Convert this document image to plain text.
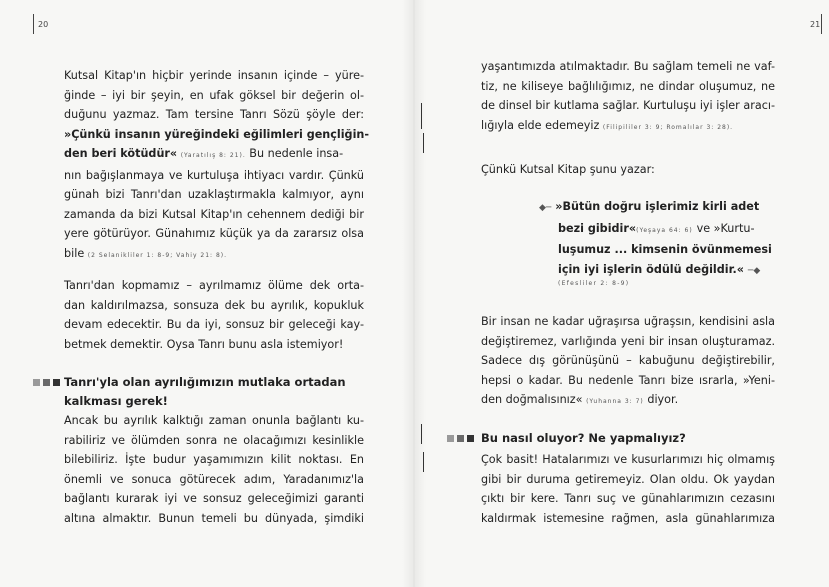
20
Kutsal Kitap'ın hiçbir yerinde insanın içinde – yüre-
ğinde – iyi bir şeyin, en ufak göksel bir değerin ol-
duğunu yazmaz. Tam tersine Tanrı Sözü şöyle der:
»Çünkü insanın yüreğindeki eğilimleri gençliğin-
den beri kötüdür« (Yaratılış 8: 21). Bu nedenle insa-
nın bağışlanmaya ve kurtuluşa ihtiyacı vardır. Çünkü
günah bizi Tanrı'dan uzaklaştırmakla kalmıyor, aynı
zamanda da bizi Kutsal Kitap'ın cehennem dediği bir
yere götürüyor. Günahımız küçük ya da zararsız olsa
bile (2 Selanikliler 1: 8-9; Vahiy 21: 8).
Tanrı'dan kopmamız – ayrılmamız ölüme dek orta-
dan kaldırılmazsa, sonsuza dek bu ayrılık, kopukluk
devam edecektir. Bu da iyi, sonsuz bir geleceği kay-
betmek demektir. Oysa Tanrı bunu asla istemiyor!
Tanrı'yla olan ayrılığımızın mutlaka ortadan
kalkması gerek!
Ancak bu ayrılık kalktığı zaman onunla bağlantı ku-
rabiliriz ve ölümden sonra ne olacağımızı kesinlikle
bilebiliriz. İşte budur yaşamımızın kilit noktası. En
önemli ve sonuca götürecek adım, Yaradanımız'la
bağlantı kurarak iyi ve sonsuz geleceğimizi garanti
altına almaktır. Bunun temeli bu dünyada, şimdiki
21
yaşantımızda atılmaktadır. Bu sağlam temeli ne vaf-
tiz, ne kiliseye bağlılığımız, ne dindar oluşumuz, ne
de dinsel bir kutlama sağlar. Kurtuluşu iyi işler aracı-
lığıyla elde edemeyiz (Filipililer 3: 9; Romalılar 3: 28).
Çünkü Kutsal Kitap şunu yazar:
◆─ »Bütün doğru işlerimiz kirli adet
bezi gibidir«(Yeşaya 64: 6) ve »Kurtu-
luşumuz ... kimsenin övünmemesi
için iyi işlerin ödülü değildir.« ─◆
(Efesliler 2: 8-9)
Bir insan ne kadar uğraşırsa uğraşsın, kendisini asla
değiştiremez, varlığında yeni bir insan oluşturamaz.
Sadece dış görünüşünü – kabuğunu değiştirebilir,
hepsi o kadar. Bu nedenle Tanrı bize ısrarla, »Yeni-
den doğmalısınız« (Yuhanna 3: 7) diyor.
Bu nasıl oluyor? Ne yapmalıyız?
Çok basit! Hatalarımızı ve kusurlarımızı hiç olmamış
gibi bir duruma getiremeyiz. Olan oldu. Ok yaydan
çıktı bir kere. Tanrı suç ve günahlarımızın cezasını
kaldırmak istemesine rağmen, asla günahlarımıza
